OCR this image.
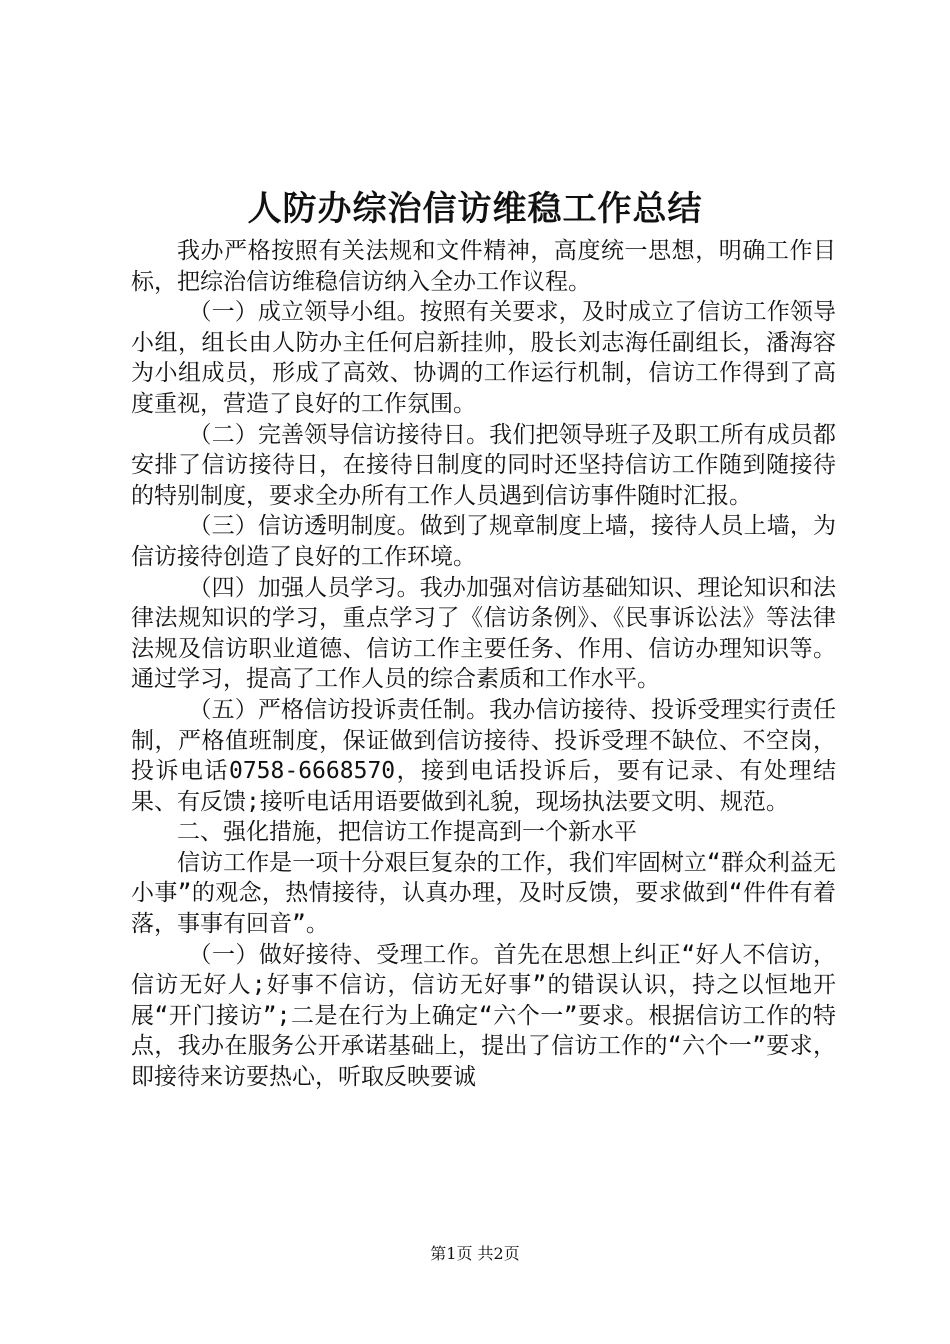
人防办综治信访维稳工作总结

我办严格按照有关法规和文件精神，高度统一思想，明确工作目标，把综治信访维稳信访纳入全办工作议程。

（一）成立领导小组。按照有关要求，及时成立了信访工作领导小组，组长由人防办主任何启新挂帅，股长刘志海任副组长，潘海容为小组成员，形成了高效、协调的工作运行机制，信访工作得到了高度重视，营造了良好的工作氛围。

（二）完善领导信访接待日。我们把领导班子及职工所有成员都安排了信访接待日，在接待日制度的同时还坚持信访工作随到随接待的特别制度，要求全办所有工作人员遇到信访事件随时汇报。

（三）信访透明制度。做到了规章制度上墙，接待人员上墙，为信访接待创造了良好的工作环境。

（四）加强人员学习。我办加强对信访基础知识、理论知识和法律法规知识的学习，重点学习了《信访条例》、《民事诉讼法》等法律法规及信访职业道德、信访工作主要任务、作用、信访办理知识等。通过学习，提高了工作人员的综合素质和工作水平。

（五）严格信访投诉责任制。我办信访接待、投诉受理实行责任制，严格值班制度，保证做到信访接待、投诉受理不缺位、不空岗，投诉电话0758-6668570，接到电话投诉后，要有记录、有处理结果、有反馈;接听电话用语要做到礼貌，现场执法要文明、规范。

二、强化措施，把信访工作提高到一个新水平

信访工作是一项十分艰巨复杂的工作，我们牢固树立“群众利益无小事”的观念，热情接待，认真办理，及时反馈，要求做到“件件有着落，事事有回音”。

（一）做好接待、受理工作。首先在思想上纠正“好人不信访，信访无好人;好事不信访，信访无好事”的错误认识，持之以恒地开展“开门接访”;二是在行为上确定“六个一”要求。根据信访工作的特点，我办在服务公开承诺基础上，提出了信访工作的“六个一”要求，即接待来访要热心，听取反映要诚

第1页 共2页
